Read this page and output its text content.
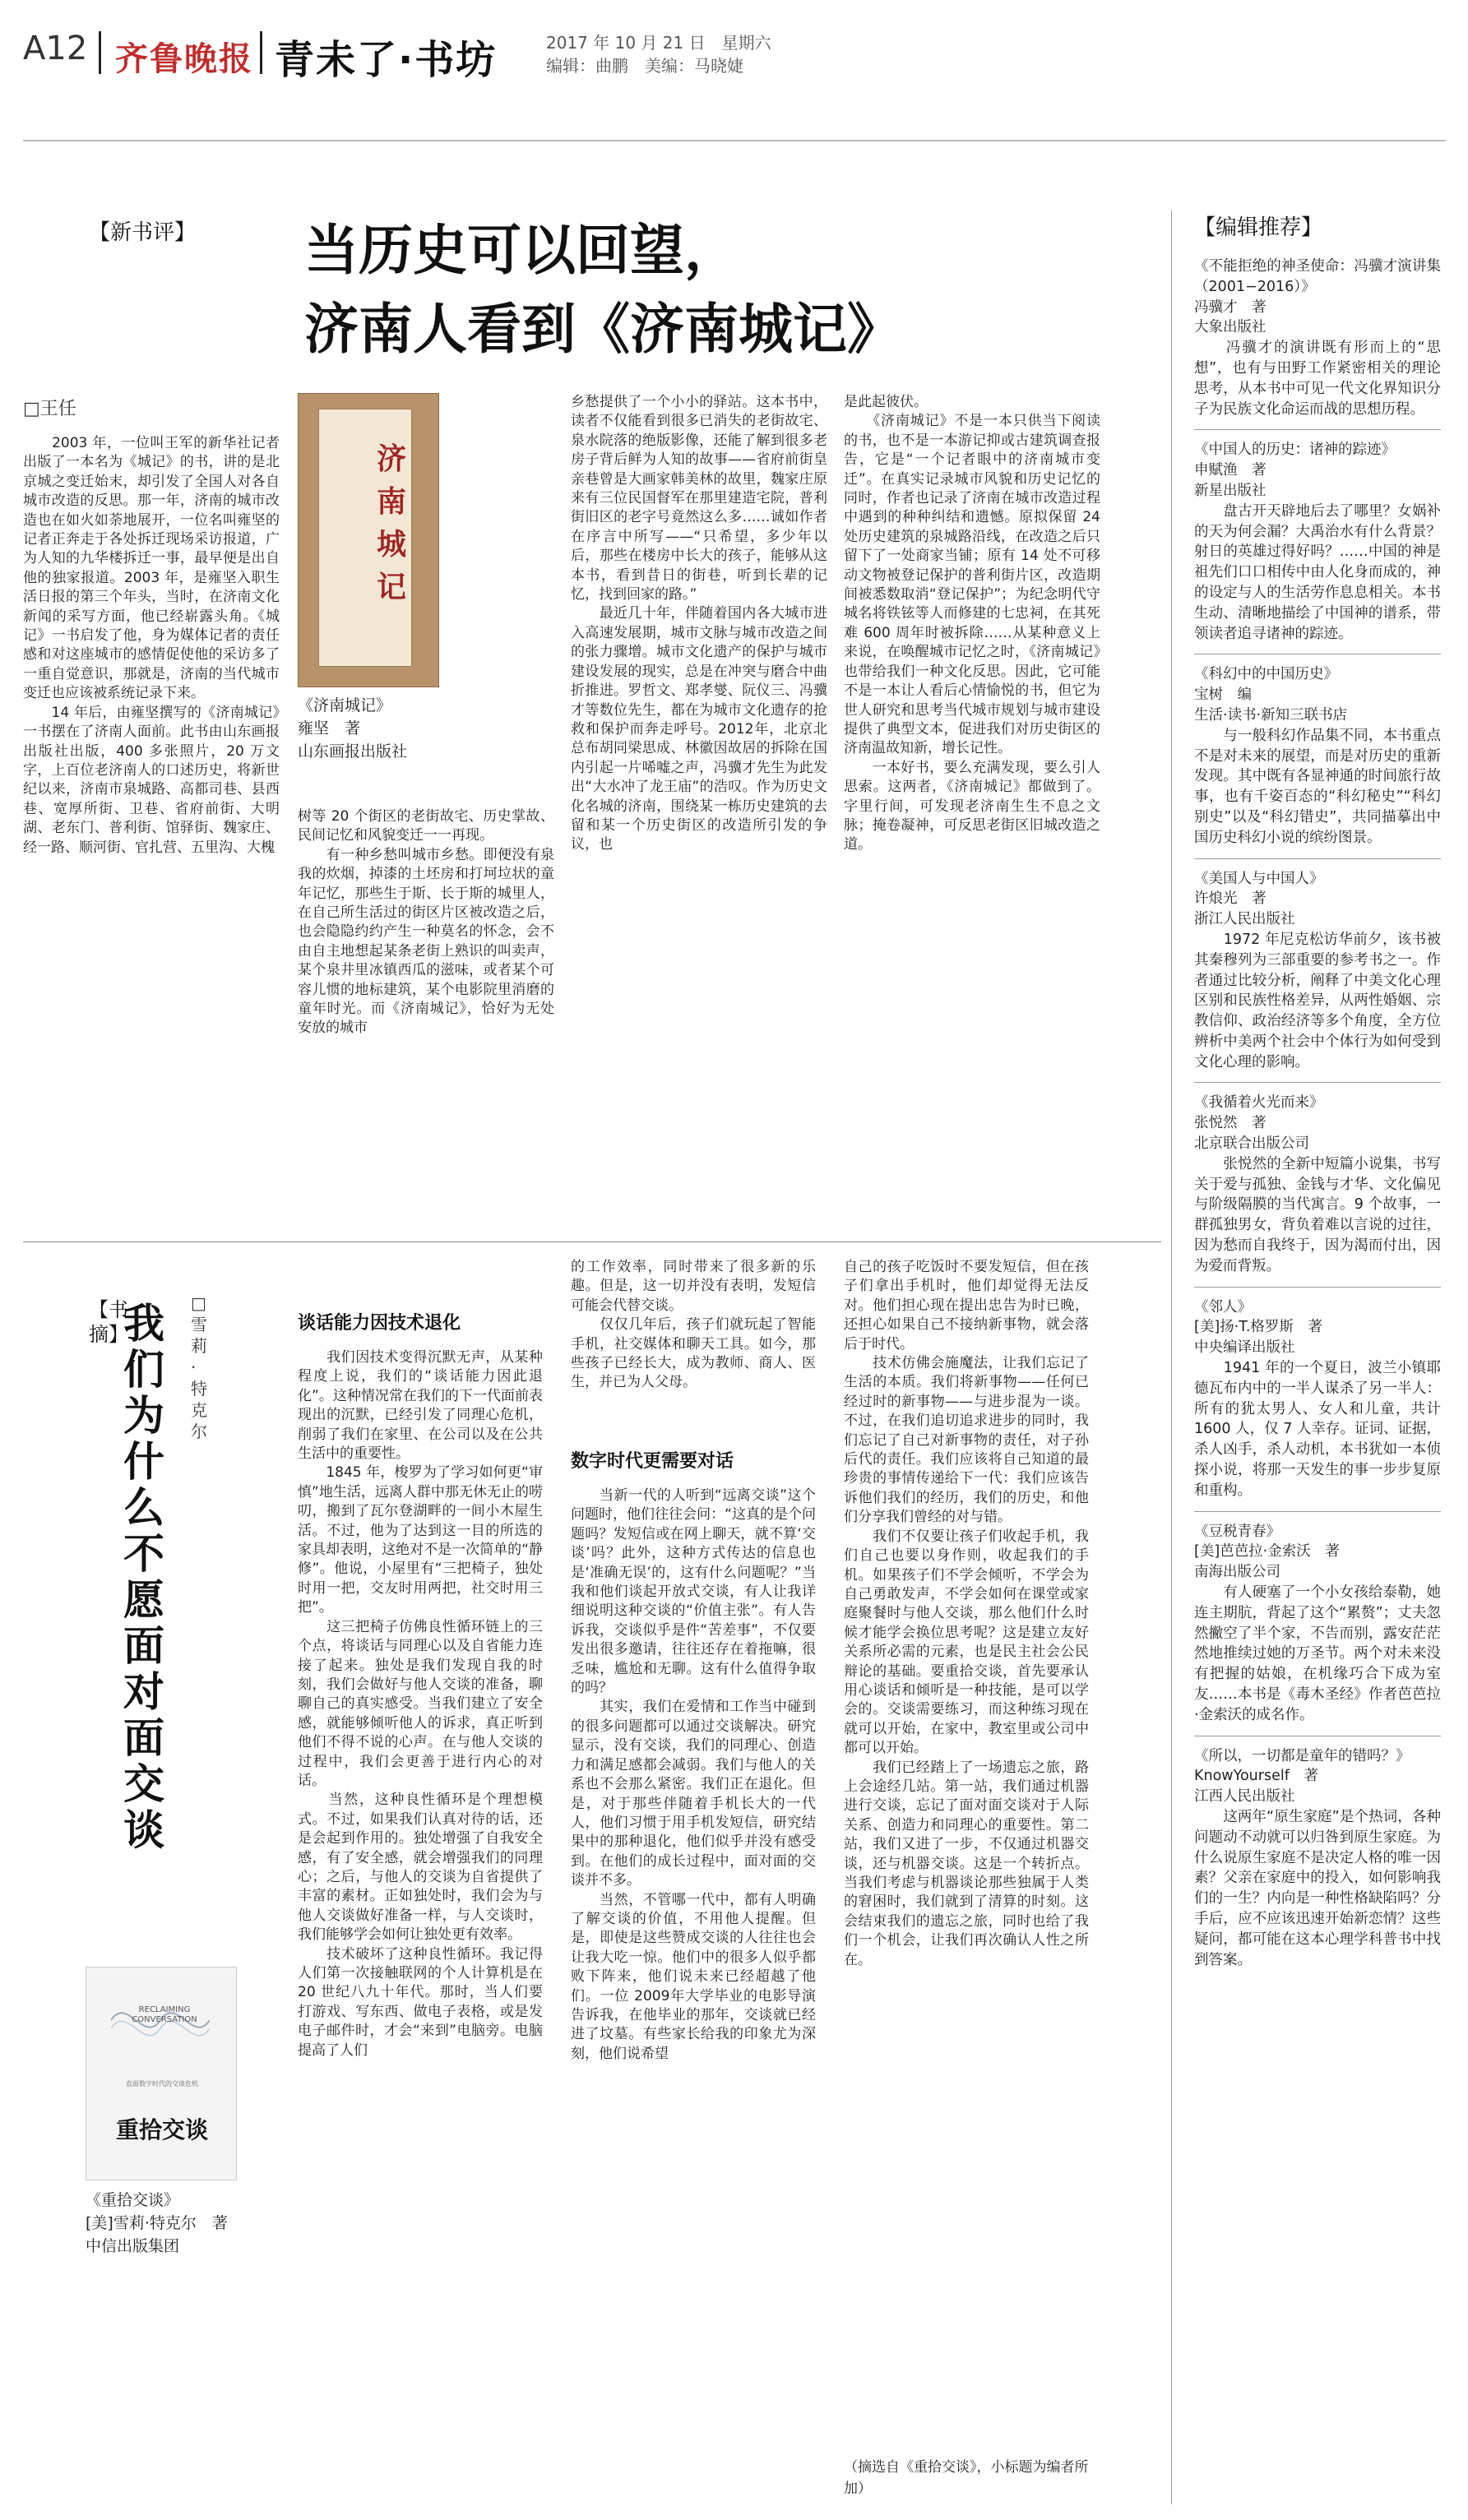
A12 齐鲁晚报 青未了·书坊	2017 年 10 月 21 日　星期六
编辑：曲鹏　美编：马晓婕
【新书评】 当历史可以回望，
济南人看到《济南城记》
□王任
　　2003 年，一位叫王军的新华社记者出版了一本名为《城记》的书，讲的是北京城之变迁始末，却引发了全国人对各自城市改造的反思。那一年，济南的城市改造也在如火如荼地展开，一位名叫雍坚的记者正奔走于各处拆迁现场采访报道，广为人知的九华楼拆迁一事，最早便是出自他的独家报道。2003 年，是雍坚入职生活日报的第三个年头，当时，在济南文化新闻的采写方面，他已经崭露头角。《城记》一书启发了他，身为媒体记者的责任感和对这座城市的感情促使他的采访多了一重自觉意识，那就是，济南的当代城市变迁也应该被系统记录下来。
　　14 年后，由雍坚撰写的《济南城记》一书摆在了济南人面前。此书由山东画报出版社出版，400 多张照片，20 万文字，上百位老济南人的口述历史，将新世纪以来，济南市泉城路、高都司巷、县西巷、宽厚所街、卫巷、省府前街、大明湖、老东门、普利街、馆驿街、魏家庄、经一路、顺河街、官扎营、五里沟、大槐
济南城记
《济南城记》
雍坚　著
山东画报出版社
树等 20 个街区的老街故宅、历史掌故、民间记忆和风貌变迁一一再现。
　　有一种乡愁叫城市乡愁。即便没有泉我的炊烟，掉漆的土坯房和打坷垃状的童年记忆，那些生于斯、长于斯的城里人，在自己所生活过的街区片区被改造之后，也会隐隐约约产生一种莫名的怀念，会不由自主地想起某条老街上熟识的叫卖声，某个泉井里冰镇西瓜的滋味，或者某个可容儿惯的地标建筑，某个电影院里消磨的童年时光。而《济南城记》，恰好为无处安放的城市
乡愁提供了一个小小的驿站。这本书中，读者不仅能看到很多已消失的老街故宅、泉水院落的绝版影像，还能了解到很多老房子背后鲜为人知的故事——省府前街皇亲巷曾是大画家韩美林的故里，魏家庄原来有三位民国督军在那里建造宅院，普利街旧区的老字号竟然这么多……诚如作者在序言中所写——“只希望，多少年以后，那些在楼房中长大的孩子，能够从这本书，看到昔日的街巷，听到长辈的记忆，找到回家的路。”
　　最近几十年，伴随着国内各大城市进入高速发展期，城市文脉与城市改造之间的张力骤增。城市文化遗产的保护与城市建设发展的现实，总是在冲突与磨合中曲折推进。罗哲文、郑孝燮、阮仪三、冯骥才等数位先生，都在为城市文化遗存的抢救和保护而奔走呼号。2012年，北京北总布胡同梁思成、林徽因故居的拆除在国内引起一片唏嘘之声，冯骥才先生为此发出“大水冲了龙王庙”的浩叹。作为历史文化名城的济南，围绕某一栋历史建筑的去留和某一个历史街区的改造所引发的争议，也
是此起彼伏。
　　《济南城记》不是一本只供当下阅读的书，也不是一本游记抑或古建筑调查报告，它是“一个记者眼中的济南城市变迁”。在真实记录城市风貌和历史记忆的同时，作者也记录了济南在城市改造过程中遇到的种种纠结和遗憾。原拟保留 24 处历史建筑的泉城路沿线，在改造之后只留下了一处商家当铺；原有 14 处不可移动文物被登记保护的普利街片区，改造期间被悉数取消“登记保护”；为纪念明代守城名将铁铉等人而修建的七忠祠，在其死难 600 周年时被拆除……从某种意义上来说，在唤醒城市记忆之时，《济南城记》也带给我们一种文化反思。因此，它可能不是一本让人看后心情愉悦的书，但它为世人研究和思考当代城市规划与城市建设提供了典型文本，促进我们对历史街区的济南温故知新，增长记性。
　　一本好书，要么充满发现，要么引人思索。这两者，《济南城记》都做到了。字里行间，可发现老济南生生不息之文脉；掩卷凝神，可反思老街区旧城改造之道。
【书摘】
我们为什么不愿面对面交谈
□雪莉·特克尔
RECLAIMING CONVERSATION
直面数字时代的交谈危机
重拾交谈
《重拾交谈》
[美]雪莉·特克尔　著
中信出版集团
谈话能力因技术退化
　　我们因技术变得沉默无声，从某种程度上说，我们的“谈话能力因此退化”。这种情况常在我们的下一代面前表现出的沉默，已经引发了同理心危机，削弱了我们在家里、在公司以及在公共生活中的重要性。
　　1845 年，梭罗为了学习如何更“审慎”地生活，远离人群中那无休无止的唠叨，搬到了瓦尔登湖畔的一间小木屋生活。不过，他为了达到这一目的所选的家具却表明，这绝对不是一次简单的“静修”。他说，小屋里有“三把椅子，独处时用一把，交友时用两把，社交时用三把”。
　　这三把椅子仿佛良性循环链上的三个点，将谈话与同理心以及自省能力连接了起来。独处是我们发现自我的时刻，我们会做好与他人交谈的准备，聊聊自己的真实感受。当我们建立了安全感，就能够倾听他人的诉求，真正听到他们不得不说的心声。在与他人交谈的过程中，我们会更善于进行内心的对话。
　　当然，这种良性循环是个理想模式。不过，如果我们认真对待的话，还是会起到作用的。独处增强了自我安全感，有了安全感，就会增强我们的同理心；之后，与他人的交谈为自省提供了丰富的素材。正如独处时，我们会为与他人交谈做好准备一样，与人交谈时，我们能够学会如何让独处更有效率。
　　技术破坏了这种良性循环。我记得人们第一次接触联网的个人计算机是在 20 世纪八九十年代。那时，当人们要打游戏、写东西、做电子表格，或是发电子邮件时，才会“来到”电脑旁。电脑提高了人们
的工作效率，同时带来了很多新的乐趣。但是，这一切并没有表明，发短信可能会代替交谈。
　　仅仅几年后，孩子们就玩起了智能手机，社交媒体和聊天工具。如今，那些孩子已经长大，成为教师、商人、医生，并已为人父母。
数字时代更需要对话
　　当新一代的人听到“远离交谈”这个问题时，他们往往会问：“这真的是个问题吗？发短信或在网上聊天，就不算‘交谈’吗？此外，这种方式传达的信息也是‘准确无误’的，这有什么问题呢？”当我和他们谈起开放式交谈，有人让我详细说明这种交谈的“价值主张”。有人告诉我，交谈似乎是件“苦差事”，不仅要发出很多邀请，往往还存在着拖嘛，很乏味，尴尬和无聊。这有什么值得争取的吗？
　　其实，我们在爱情和工作当中碰到的很多问题都可以通过交谈解决。研究显示，没有交谈，我们的同理心、创造力和满足感都会减弱。我们与他人的关系也不会那么紧密。我们正在退化。但是，对于那些伴随着手机长大的一代人，他们习惯于用手机发短信，研究结果中的那种退化，他们似乎并没有感受到。在他们的成长过程中，面对面的交谈并不多。
　　当然，不管哪一代中，都有人明确了解交谈的价值，不用他人提醒。但是，即使是这些赞成交谈的人往往也会让我大吃一惊。他们中的很多人似乎都败下阵来，他们说未来已经超越了他们。一位 2009年大学毕业的电影导演告诉我，在他毕业的那年，交谈就已经进了坟墓。有些家长给我的印象尤为深刻，他们说希望
自己的孩子吃饭时不要发短信，但在孩子们拿出手机时，他们却觉得无法反对。他们担心现在提出忠告为时已晚，还担心如果自己不接纳新事物，就会落后于时代。
　　技术仿佛会施魔法，让我们忘记了生活的本质。我们将新事物——任何已经过时的新事物——与进步混为一谈。不过，在我们追切追求进步的同时，我们忘记了自己对新事物的责任，对子孙后代的责任。我们应该将自己知道的最珍贵的事情传递给下一代：我们应该告诉他们我们的经历，我们的历史，和他们分享我们曾经的对与错。
　　我们不仅要让孩子们收起手机，我们自己也要以身作则，收起我们的手机。如果孩子们不学会倾听，不学会为自己勇敢发声，不学会如何在课堂或家庭聚餐时与他人交谈，那么他们什么时候才能学会换位思考呢？这是建立友好关系所必需的元素，也是民主社会公民辩论的基础。要重拾交谈，首先要承认用心谈话和倾听是一种技能，是可以学会的。交谈需要练习，而这种练习现在就可以开始，在家中，教室里或公司中都可以开始。
　　我们已经踏上了一场遗忘之旅，路上会途经几站。第一站，我们通过机器进行交谈，忘记了面对面交谈对于人际关系、创造力和同理心的重要性。第二站，我们又进了一步，不仅通过机器交谈，还与机器交谈。这是一个转折点。当我们考虑与机器谈论那些独属于人类的窘困时，我们就到了清算的时刻。这会结束我们的遗忘之旅，同时也给了我们一个机会，让我们再次确认人性之所在。
（摘选自《重拾交谈》，小标题为编者所加）
【编辑推荐】
《不能拒绝的神圣使命：冯骥才演讲集（2001−2016）》
冯骥才　著
大象出版社
　　冯骥才的演讲既有形而上的“思想”，也有与田野工作紧密相关的理论思考，从本书中可见一代文化界知识分子为民族文化命运而战的思想历程。
《中国人的历史：诸神的踪迹》
申赋渔　著
新星出版社
　　盘古开天辟地后去了哪里？女娲补的天为何会漏？大禹治水有什么背景？射日的英雄过得好吗？……中国的神是祖先们口口相传中由人化身而成的，神的设定与人的生活劳作息息相关。本书生动、清晰地描绘了中国神的谱系，带领读者追寻诸神的踪迹。
《科幻中的中国历史》
宝树　编
生活·读书·新知三联书店
　　与一般科幻作品集不同，本书重点不是对未来的展望，而是对历史的重新发现。其中既有各显神通的时间旅行故事，也有千姿百态的“科幻秘史”“科幻别史”以及“科幻错史”，共同描摹出中国历史科幻小说的缤纷图景。
《美国人与中国人》
许烺光　著
浙江人民出版社
　　1972 年尼克松访华前夕，该书被其秦穆列为三部重要的参考书之一。作者通过比较分析，阐释了中美文化心理区别和民族性格差异，从两性婚姻、宗教信仰、政治经济等多个角度，全方位辨析中美两个社会中个体行为如何受到文化心理的影响。
《我循着火光而来》
张悦然　著
北京联合出版公司
　　张悦然的全新中短篇小说集，书写关于爱与孤独、金钱与才华、文化偏见与阶级隔膜的当代寓言。9 个故事，一群孤独男女，背负着难以言说的过往，因为愁而自我终于，因为渴而付出，因为爱而背叛。
《邻人》
[美]扬·T.格罗斯　著
中央编译出版社
　　1941 年的一个夏日，波兰小镇耶德瓦布内中的一半人谋杀了另一半人：所有的犹太男人、女人和儿童，共计 1600 人，仅 7 人幸存。证词、证据，杀人凶手，杀人动机，本书犹如一本侦探小说，将那一天发生的事一步步复原和重构。
《豆税青春》
[美]芭芭拉·金索沃　著
南海出版公司
　　有人硬塞了一个小女孩给泰勒，她连主期肮，背起了这个“累赘”；丈夫忽然撇空了半个家，不告而别，露安茫茫然地推续过她的万圣节。两个对未来没有把握的姑娘，在机缘巧合下成为室友……本书是《毒木圣经》作者芭芭拉·金索沃的成名作。
《所以，一切都是童年的错吗？》
KnowYourself　著
江西人民出版社
　　这两年“原生家庭”是个热词，各种问题动不动就可以归咎到原生家庭。为什么说原生家庭不是决定人格的唯一因素？父亲在家庭中的投入，如何影响我们的一生？内向是一种性格缺陷吗？分手后，应不应该迅速开始新恋情？这些疑问，都可能在这本心理学科普书中找到答案。
